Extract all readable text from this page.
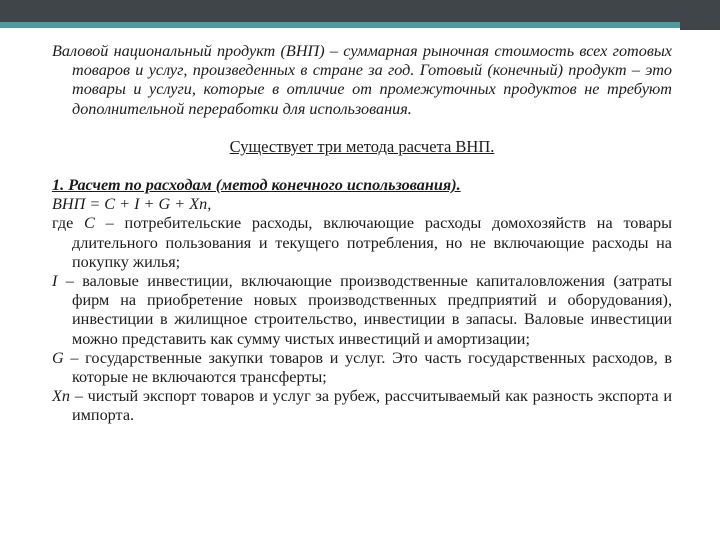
Валовой национальный продукт (ВНП) – суммарная рыночная стоимость всех готовых товаров и услуг, произведенных в стране за год. Готовый (конечный) продукт – это товары и услуги, которые в отличие от промежуточных продуктов не требуют дополнительной переработки для использования.

Существует три метода расчета ВНП.

1. Расчет по расходам (метод конечного использования).

ВНП = С + I + G + Хn,

где С – потребительские расходы, включающие расходы домохозяйств на товары длительного пользования и текущего потребления, но не включающие расходы на покупку жилья;

I – валовые инвестиции, включающие производственные капиталовложения (затраты фирм на приобретение новых производственных предприятий и оборудования), инвестиции в жилищное строительство, инвестиции в запасы. Валовые инвестиции можно представить как сумму чистых инвестиций и амортизации;

G – государственные закупки товаров и услуг. Это часть государственных расходов, в которые не включаются трансферты;

Хn – чистый экспорт товаров и услуг за рубеж, рассчитываемый как разность экспорта и импорта.
